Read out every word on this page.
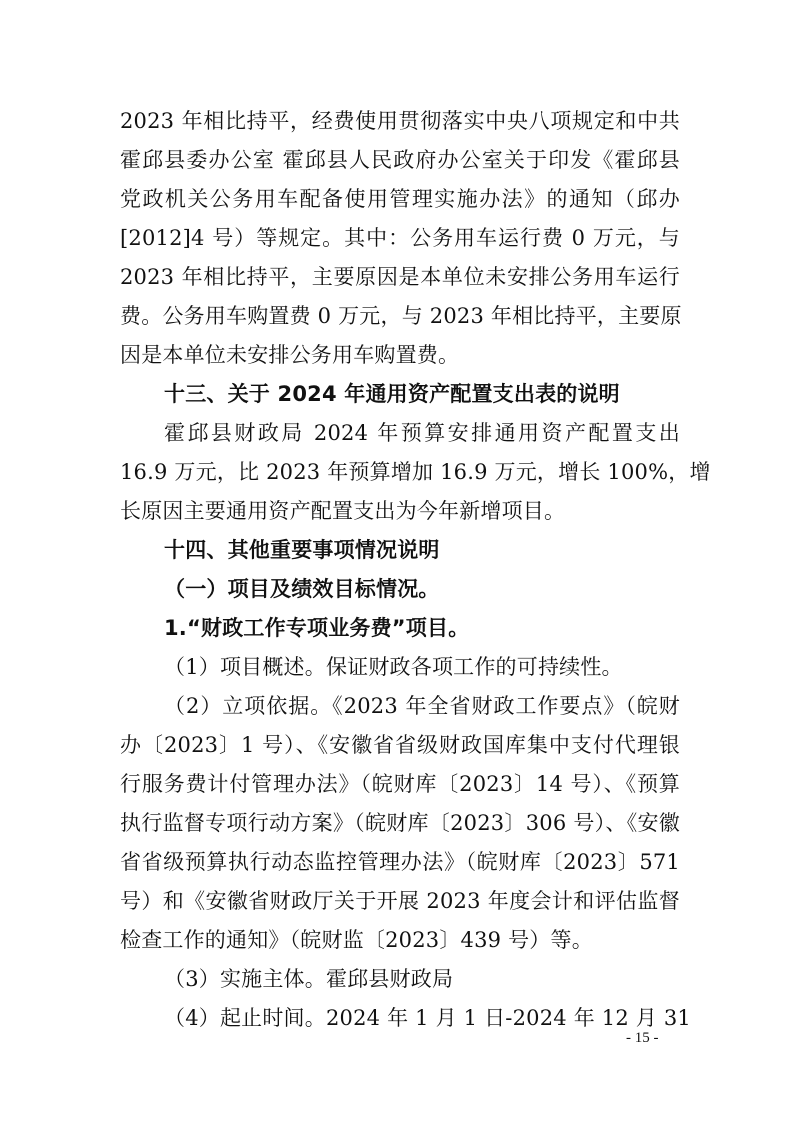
2023 年相比持平，经费使用贯彻落实中央八项规定和中共
霍邱县委办公室 霍邱县人民政府办公室关于印发《霍邱县
党政机关公务用车配备使用管理实施办法》的通知（邱办
[2012]4 号）等规定。其中：公务用车运行费 0 万元，与
2023 年相比持平，主要原因是本单位未安排公务用车运行
费。公务用车购置费 0 万元，与 2023 年相比持平，主要原
因是本单位未安排公务用车购置费。
十三、关于 2024 年通用资产配置支出表的说明
霍邱县财政局 2024 年预算安排通用资产配置支出
16.9 万元，比 2023 年预算增加 16.9 万元，增长 100%，增
长原因主要通用资产配置支出为今年新增项目。
十四、其他重要事项情况说明
（一）项目及绩效目标情况。
1.“财政工作专项业务费”项目。
（1）项目概述。保证财政各项工作的可持续性。
（2）立项依据。《2023 年全省财政工作要点》（皖财
办〔2023〕1 号）、《安徽省省级财政国库集中支付代理银
行服务费计付管理办法》（皖财库〔2023〕14 号）、《预算
执行监督专项行动方案》（皖财库〔2023〕306 号）、《安徽
省省级预算执行动态监控管理办法》（皖财库〔2023〕571
号）和《安徽省财政厅关于开展 2023 年度会计和评估监督
检查工作的通知》（皖财监〔2023〕439 号）等。
（3）实施主体。霍邱县财政局
（4）起止时间。2024 年 1 月 1 日-2024 年 12 月 31
- 15 -
